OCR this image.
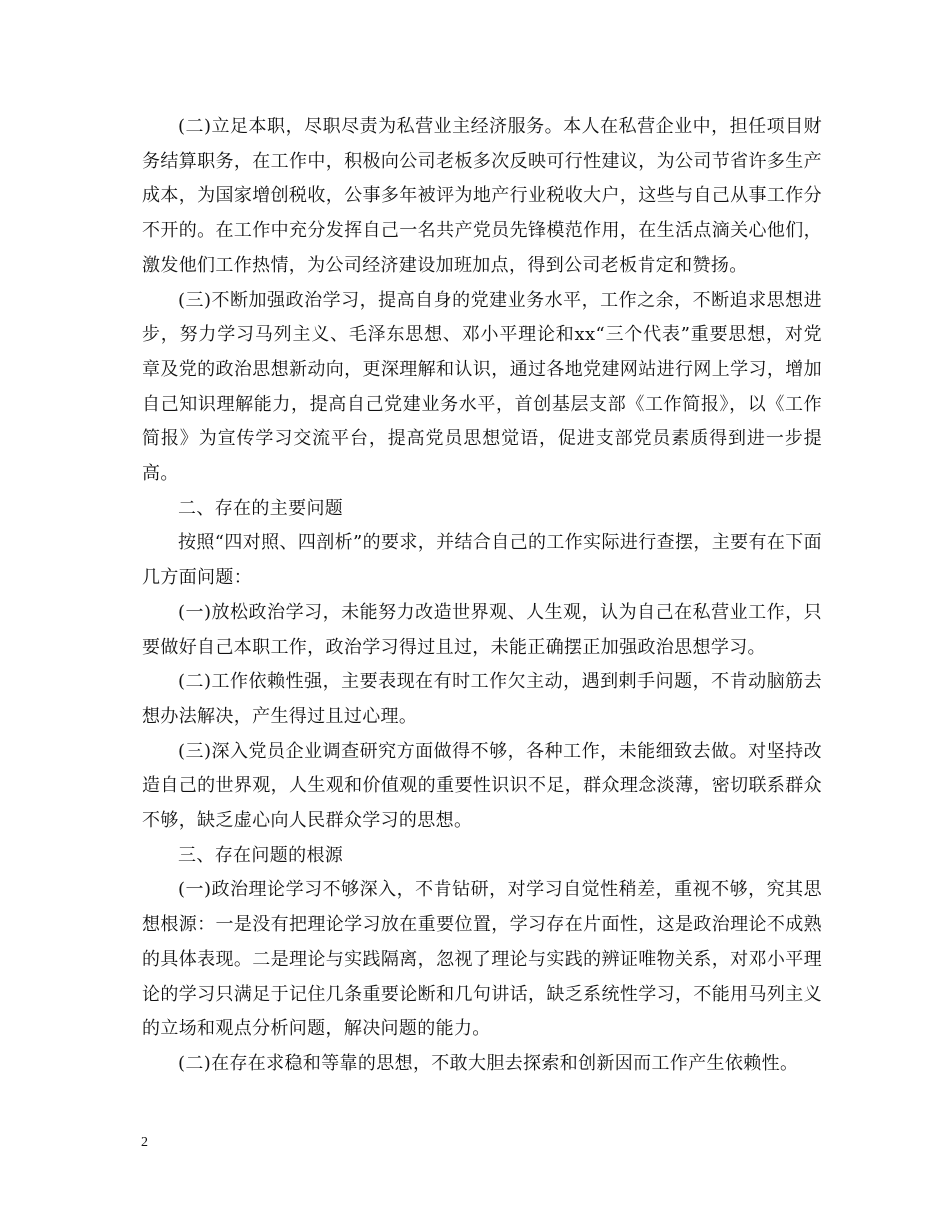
(二)立足本职，尽职尽责为私营业主经济服务。本人在私营企业中，担任项目财务结算职务，在工作中，积极向公司老板多次反映可行性建议，为公司节省许多生产成本，为国家增创税收，公事多年被评为地产行业税收大户，这些与自己从事工作分不开的。在工作中充分发挥自己一名共产党员先锋模范作用，在生活点滴关心他们，激发他们工作热情，为公司经济建设加班加点，得到公司老板肯定和赞扬。

(三)不断加强政治学习，提高自身的党建业务水平，工作之余，不断追求思想进步，努力学习马列主义、毛泽东思想、邓小平理论和xx“三个代表”重要思想，对党章及党的政治思想新动向，更深理解和认识，通过各地党建网站进行网上学习，增加自己知识理解能力，提高自己党建业务水平，首创基层支部《工作简报》，以《工作简报》为宣传学习交流平台，提高党员思想觉语，促进支部党员素质得到进一步提高。

二、存在的主要问题

按照“四对照、四剖析”的要求，并结合自己的工作实际进行查摆，主要有在下面几方面问题：

(一)放松政治学习，未能努力改造世界观、人生观，认为自己在私营业工作，只要做好自己本职工作，政治学习得过且过，未能正确摆正加强政治思想学习。

(二)工作依赖性强，主要表现在有时工作欠主动，遇到剌手问题，不肯动脑筋去想办法解决，产生得过且过心理。

(三)深入党员企业调查研究方面做得不够，各种工作，未能细致去做。对坚持改造自己的世界观，人生观和价值观的重要性识识不足，群众理念淡薄，密切联系群众不够，缺乏虚心向人民群众学习的思想。

三、存在问题的根源

(一)政治理论学习不够深入，不肯钻研，对学习自觉性稍差，重视不够，究其思想根源：一是没有把理论学习放在重要位置，学习存在片面性，这是政治理论不成熟的具体表现。二是理论与实践隔离，忽视了理论与实践的辨证唯物关系，对邓小平理论的学习只满足于记住几条重要论断和几句讲话，缺乏系统性学习，不能用马列主义的立场和观点分析问题，解决问题的能力。

(二)在存在求稳和等靠的思想，不敢大胆去探索和创新因而工作产生依赖性。

2
